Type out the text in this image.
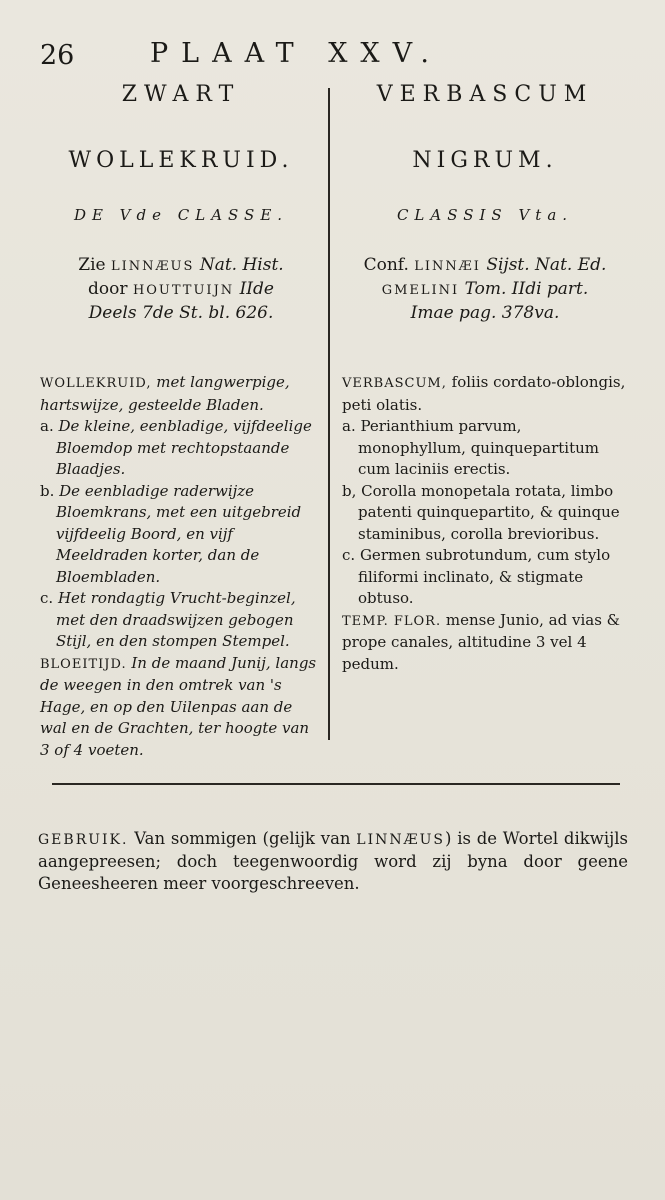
26	PLAAT XXV.
ZWART
WOLLEKRUID.
DE Vde CLASSE.
Zie LINNÆUS Nat. Hist.
door HOUTTUIJN IIde
Deels 7de St. bl. 626.

WOLLEKRUID, met langwerpige, hartswijze, gesteelde Bladen.

a. De kleine, eenbladige, vijfdeelige Bloemdop met rechtopstaande Blaadjes.

b. De eenbladige raderwijze Bloemkrans, met een uitgebreid vijfdeelig Boord, en vijf Meeldraden korter, dan de Bloembladen.

c. Het rondagtig Vrucht-beginzel, met den draadswijzen gebogen Stijl, en den stompen Stempel.

BLOEITIJD. In de maand Junij, langs de weegen in den omtrek van 's Hage, en op den Uilenpas aan de wal en de Grachten, ter hoogte van 3 of 4 voeten.

VERBASCUM
NIGRUM.
CLASSIS Vta.
Conf. LINNÆI Sijst. Nat. Ed.
GMELINI Tom. IIdi part.
Imae pag. 378va.

VERBASCUM, foliis cordato-oblongis, peti olatis.

a. Perianthium parvum, monophyllum, quinquepartitum cum laciniis erectis.

b, Corolla monopetala rotata, limbo patenti quinquepartito, & quinque staminibus, corolla brevioribus.

c. Germen subrotundum, cum stylo filiformi inclinato, & stigmate obtuso.

TEMP. FLOR. mense Junio, ad vias & prope canales, altitudine 3 vel 4 pedum.

GEBRUIK. Van sommigen (gelijk van LINNÆUS) is de Wortel dikwijls aangepreesen; doch teegenwoordig word zij byna door geene Geneesheeren meer voorgeschreeven.
